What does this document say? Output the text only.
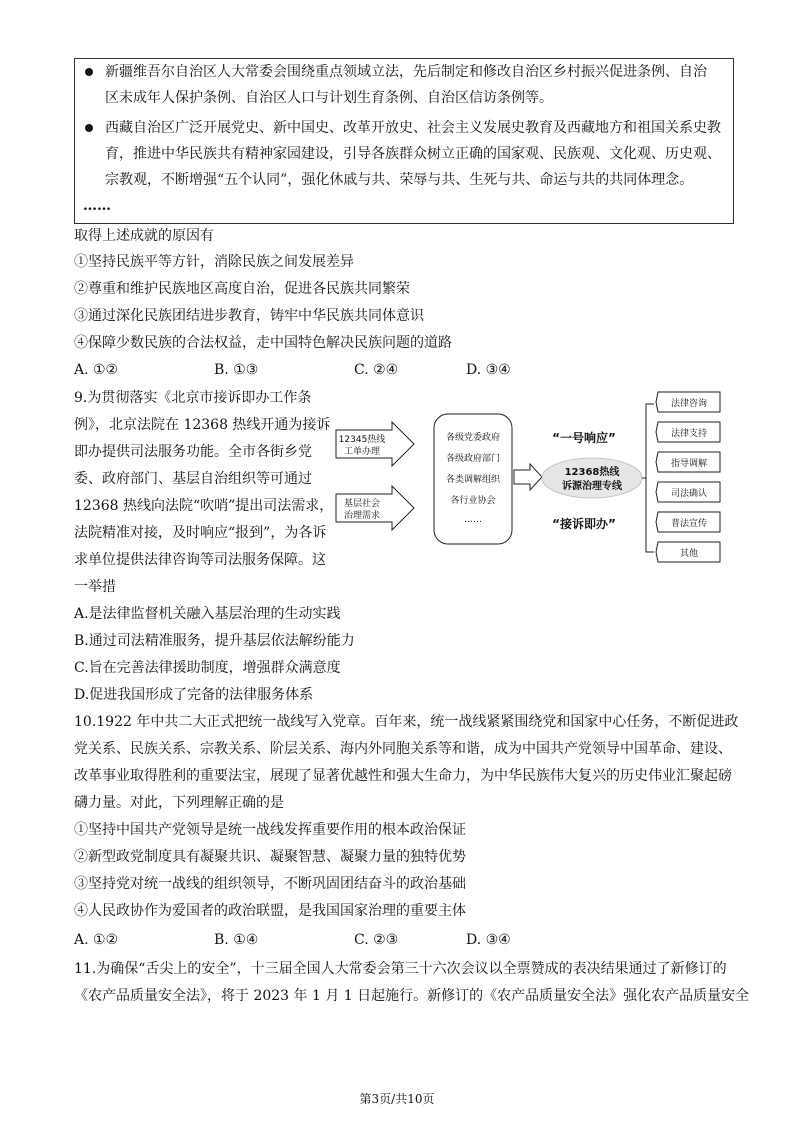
新疆维吾尔自治区人大常委会围绕重点领域立法，先后制定和修改自治区乡村振兴促进条例、自治
区未成年人保护条例、自治区人口与计划生育条例、自治区信访条例等。
西藏自治区广泛开展党史、新中国史、改革开放史、社会主义发展史教育及西藏地方和祖国关系史教
育，推进中华民族共有精神家园建设，引导各族群众树立正确的国家观、民族观、文化观、历史观、
宗教观，不断增强“五个认同”，强化休戚与共、荣辱与共、生死与共、命运与共的共同体理念。
……
取得上述成就的原因有
①坚持民族平等方针，消除民族之间发展差异
②尊重和维护民族地区高度自治，促进各民族共同繁荣
③通过深化民族团结进步教育，铸牢中华民族共同体意识
④保障少数民族的合法权益，走中国特色解决民族问题的道路
A. ①②	B. ①③	C. ②④	D. ③④
9.为贯彻落实《北京市接诉即办工作条
例》，北京法院在 12368 热线开通为接诉
即办提供司法服务功能。全市各街乡党
委、政府部门、基层自治组织等可通过
12368 热线向法院“吹哨”提出司法需求，
法院精准对接，及时响应“报到”，为各诉
求单位提供法律咨询等司法服务保障。这
一举措
12345热线
工单办理
基层社会
治理需求
各级党委政府
各级政府部门
各类调解组织
各行业协会
……
“一号响应”
12368热线
诉源治理专线
“接诉即办”
法律咨询
法律支持
指导调解
司法确认
普法宣传
其他
A.是法律监督机关融入基层治理的生动实践
B.通过司法精准服务，提升基层依法解纷能力
C.旨在完善法律援助制度，增强群众满意度
D.促进我国形成了完备的法律服务体系
10.1922 年中共二大正式把统一战线写入党章。百年来，统一战线紧紧围绕党和国家中心任务，不断促进政
党关系、民族关系、宗教关系、阶层关系、海内外同胞关系等和谐，成为中国共产党领导中国革命、建设、
改革事业取得胜利的重要法宝，展现了显著优越性和强大生命力，为中华民族伟大复兴的历史伟业汇聚起磅
礴力量。对此，下列理解正确的是
①坚持中国共产党领导是统一战线发挥重要作用的根本政治保证
②新型政党制度具有凝聚共识、凝聚智慧、凝聚力量的独特优势
③坚持党对统一战线的组织领导，不断巩固团结奋斗的政治基础
④人民政协作为爱国者的政治联盟，是我国国家治理的重要主体
A. ①②	B. ①④	C. ②③	D. ③④
11.为确保“舌尖上的安全”，十三届全国人大常委会第三十六次会议以全票赞成的表决结果通过了新修订的
《农产品质量安全法》，将于 2023 年 1 月 1 日起施行。新修订的《农产品质量安全法》强化农产品质量安全
第3页/共10页
